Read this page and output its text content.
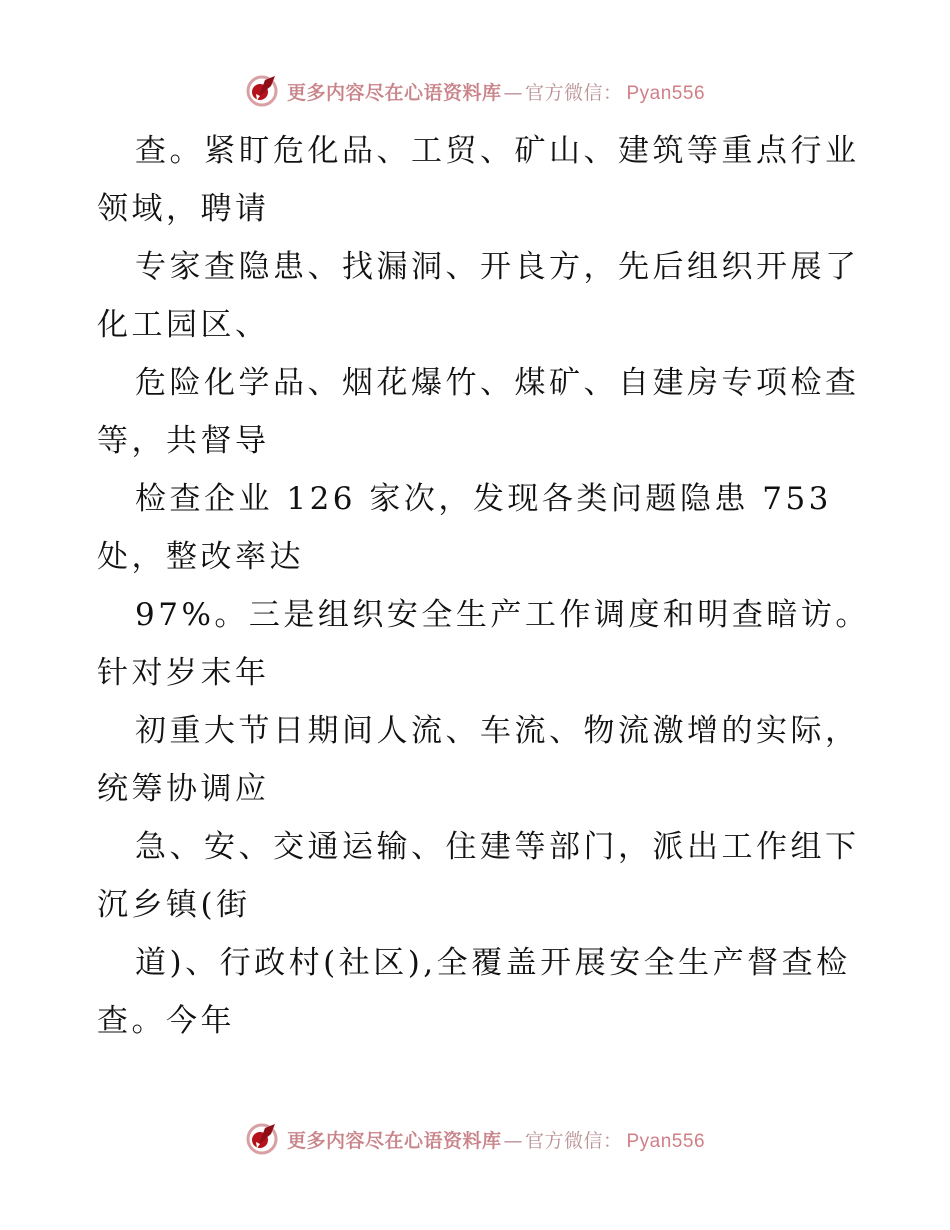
更多内容尽在心语资料库 — 官方微信： Pyan556
查。紧盯危化品、工贸、矿山、建筑等重点行业
领域，聘请
专家查隐患、找漏洞、开良方，先后组织开展了
化工园区、
危险化学品、烟花爆竹、煤矿、自建房专项检查
等，共督导
检查企业 126 家次，发现各类问题隐患 753
处，整改率达
97%。三是组织安全生产工作调度和明查暗访。
针对岁末年
初重大节日期间人流、车流、物流激增的实际，
统筹协调应
急、安、交通运输、住建等部门，派出工作组下
沉乡镇(街
道)、行政村(社区),全覆盖开展安全生产督查检
查。今年
更多内容尽在心语资料库 — 官方微信： Pyan556
